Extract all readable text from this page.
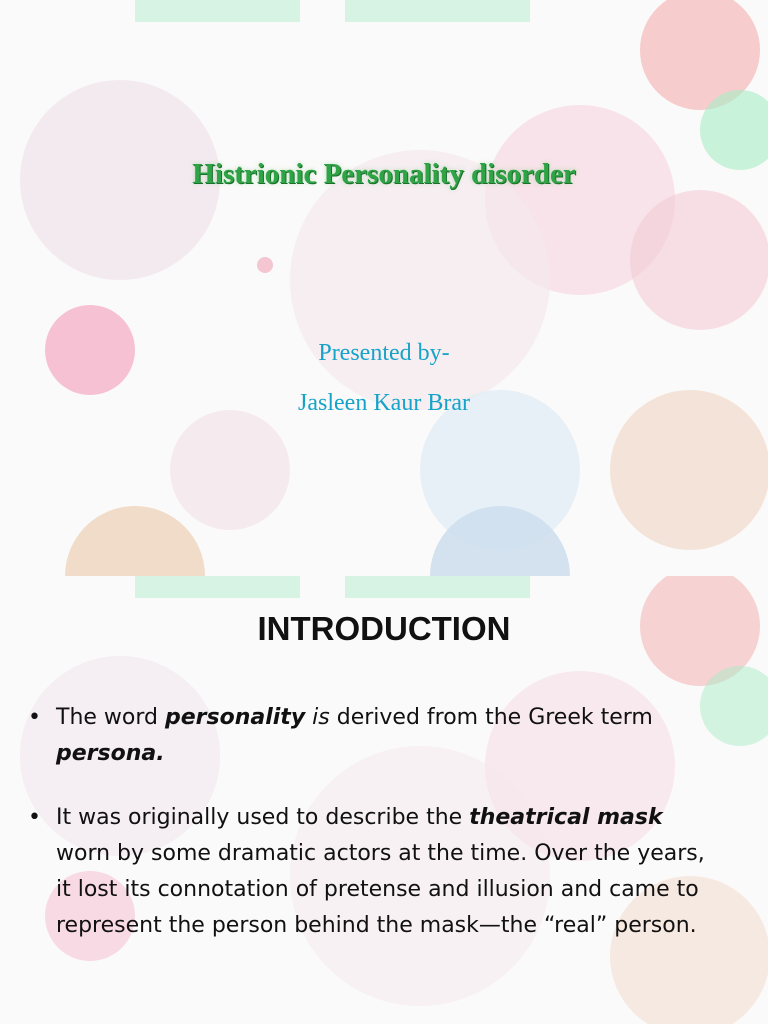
Histrionic Personality disorder
Presented by-
Jasleen Kaur Brar
INTRODUCTION
• The word personality is derived from the Greek term persona.
• It was originally used to describe the theatrical mask worn by some dramatic actors at the time. Over the years, it lost its connotation of pretense and illusion and came to represent the person behind the mask—the “real” person.
